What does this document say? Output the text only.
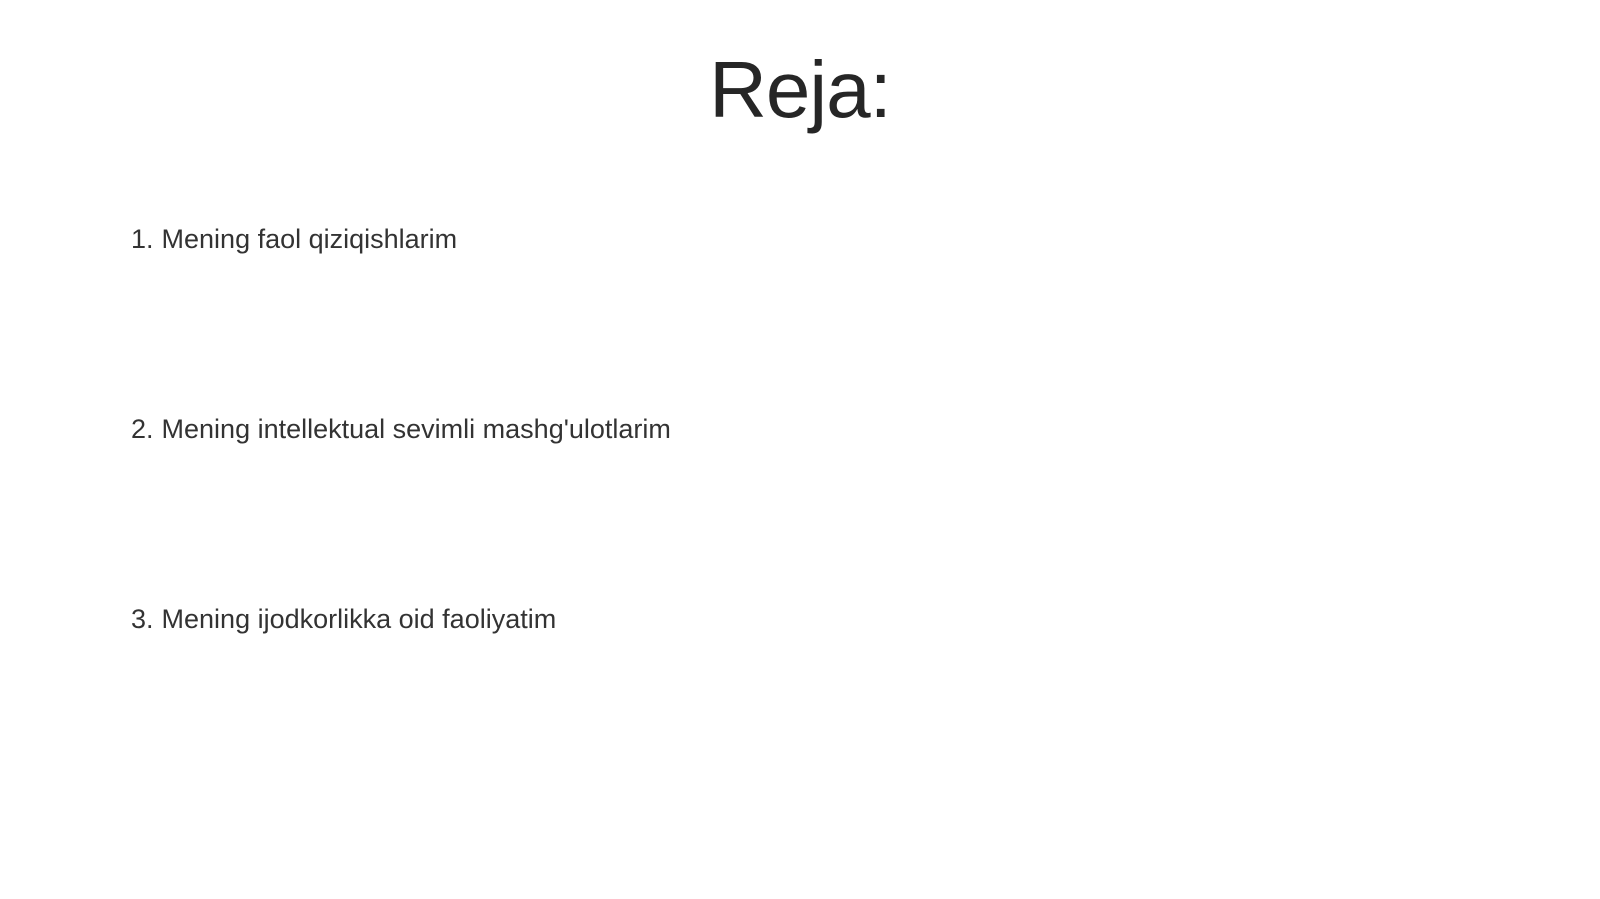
Reja:
1. Mening faol qiziqishlarim
2. Mening intellektual sevimli mashg'ulotlarim
3. Mening ijodkorlikka oid faoliyatim
